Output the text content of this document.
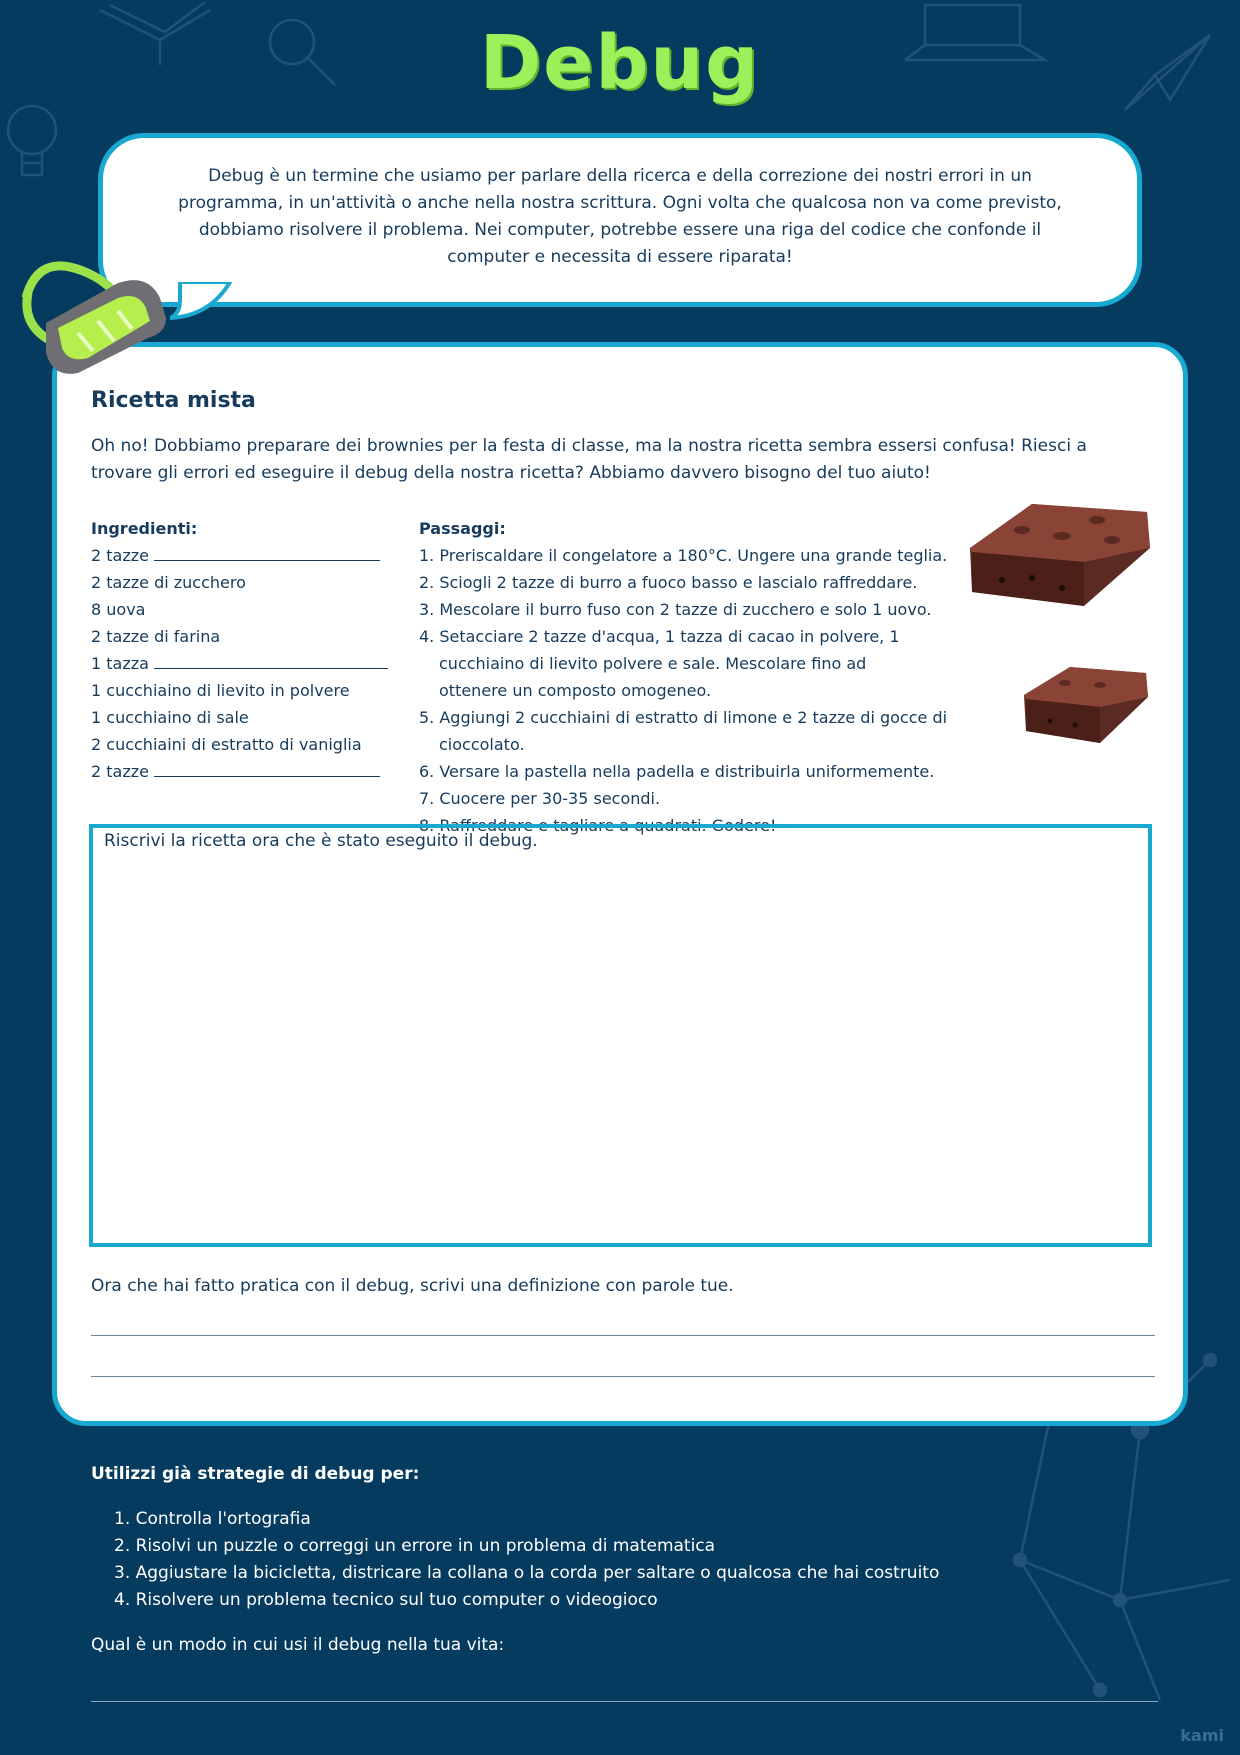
Debug
Debug è un termine che usiamo per parlare della ricerca e della correzione dei nostri errori in un programma, in un'attività o anche nella nostra scrittura. Ogni volta che qualcosa non va come previsto, dobbiamo risolvere il problema. Nei computer, potrebbe essere una riga del codice che confonde il computer e necessita di essere riparata!
Ricetta mista
Oh no! Dobbiamo preparare dei brownies per la festa di classe, ma la nostra ricetta sembra essersi confusa! Riesci a trovare gli errori ed eseguire il debug della nostra ricetta? Abbiamo davvero bisogno del tuo aiuto!
Ingredienti:
2 tazze
2 tazze di zucchero
8 uova
2 tazze di farina
1 tazza
1 cucchiaino di lievito in polvere
1 cucchiaino di sale
2 cucchiaini di estratto di vaniglia
2 tazze
Passaggi:
1. Preriscaldare il congelatore a 180°C. Ungere una grande teglia.
2. Sciogli 2 tazze di burro a fuoco basso e lascialo raffreddare.
3. Mescolare il burro fuso con 2 tazze di zucchero e solo 1 uovo.
4. Setacciare 2 tazze d'acqua, 1 tazza di cacao in polvere, 1 cucchiaino di lievito polvere e sale. Mescolare fino ad ottenere un composto omogeneo.
5. Aggiungi 2 cucchiaini di estratto di limone e 2 tazze di gocce di cioccolato.
6. Versare la pastella nella padella e distribuirla uniformemente.
7. Cuocere per 30-35 secondi.
8. Raffreddare e tagliare a quadrati. Godere!
Riscrivi la ricetta ora che è stato eseguito il debug.
Ora che hai fatto pratica con il debug, scrivi una definizione con parole tue.
Utilizzi già strategie di debug per:
1. Controlla l'ortografia
2. Risolvi un puzzle o correggi un errore in un problema di matematica
3. Aggiustare la bicicletta, districare la collana o la corda per saltare o qualcosa che hai costruito
4. Risolvere un problema tecnico sul tuo computer o videogioco
Qual è un modo in cui usi il debug nella tua vita:
kami
